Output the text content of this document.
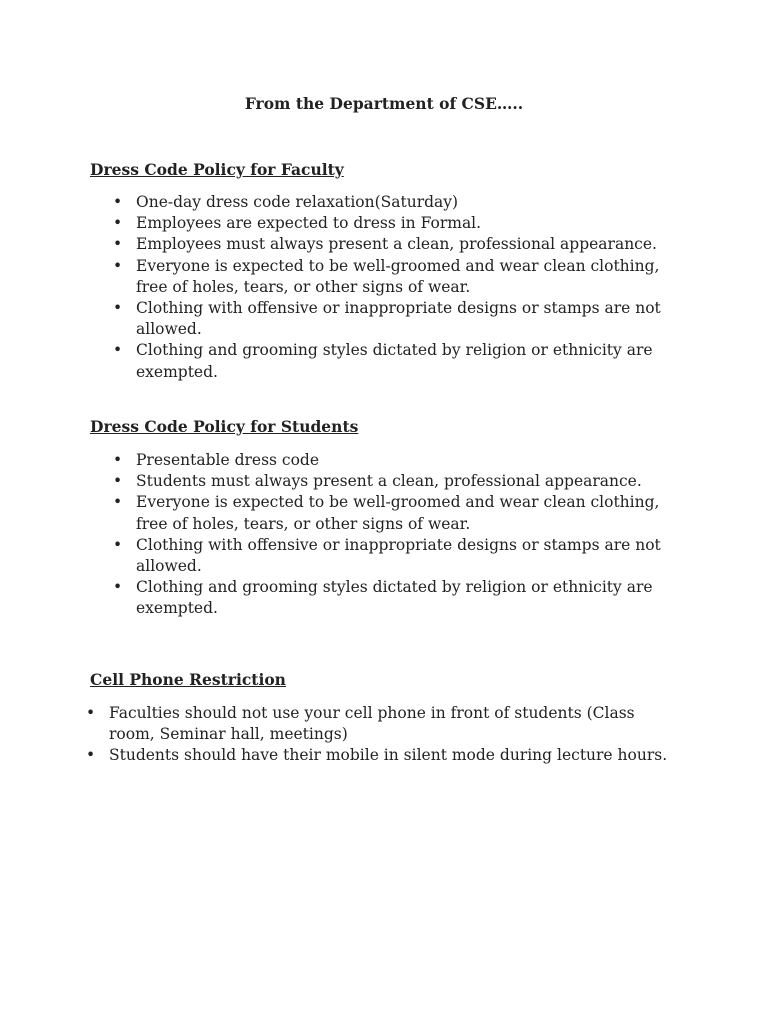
From the Department of CSE…..
Dress Code Policy for Faculty
• One-day dress code relaxation(Saturday)
• Employees are expected to dress in Formal.
• Employees must always present a clean, professional appearance.
• Everyone is expected to be well-groomed and wear clean clothing, free of holes, tears, or other signs of wear.
• Clothing with offensive or inappropriate designs or stamps are not allowed.
• Clothing and grooming styles dictated by religion or ethnicity are exempted.
Dress Code Policy for Students
• Presentable dress code
• Students must always present a clean, professional appearance.
• Everyone is expected to be well-groomed and wear clean clothing, free of holes, tears, or other signs of wear.
• Clothing with offensive or inappropriate designs or stamps are not allowed.
• Clothing and grooming styles dictated by religion or ethnicity are exempted.
Cell Phone Restriction
• Faculties should not use your cell phone in front of students (Class room, Seminar hall, meetings)
• Students should have their mobile in silent mode during lecture hours.
